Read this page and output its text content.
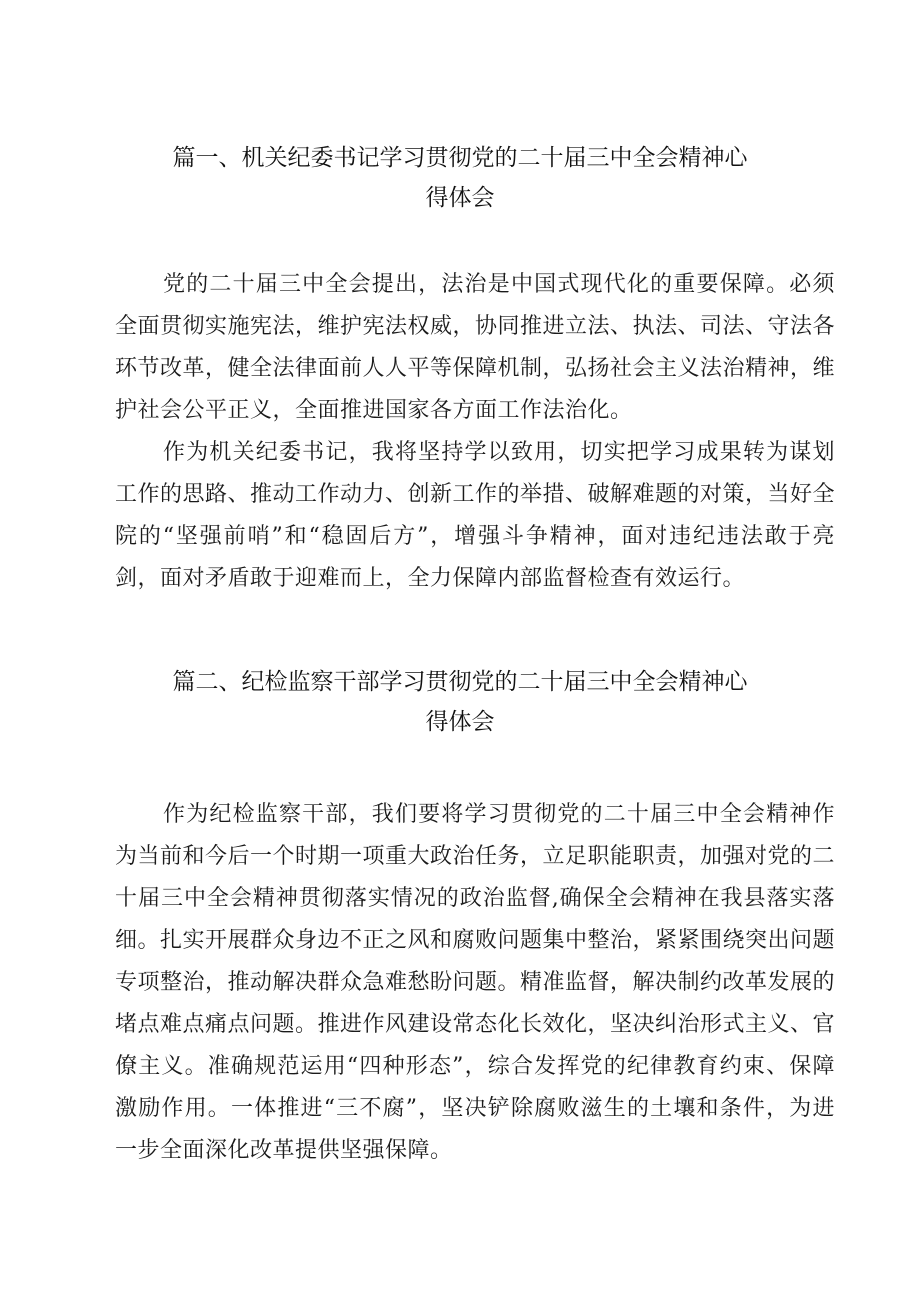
篇一、机关纪委书记学习贯彻党的二十届三中全会精神心
得体会

党的二十届三中全会提出，法治是中国式现代化的重要保障。必须全面贯彻实施宪法，维护宪法权威，协同推进立法、执法、司法、守法各环节改革，健全法律面前人人平等保障机制，弘扬社会主义法治精神，维护社会公平正义，全面推进国家各方面工作法治化。

作为机关纪委书记，我将坚持学以致用，切实把学习成果转为谋划工作的思路、推动工作动力、创新工作的举措、破解难题的对策，当好全院的“坚强前哨”和“稳固后方”，增强斗争精神，面对违纪违法敢于亮剑，面对矛盾敢于迎难而上，全力保障内部监督检查有效运行。

篇二、纪检监察干部学习贯彻党的二十届三中全会精神心
得体会

作为纪检监察干部，我们要将学习贯彻党的二十届三中全会精神作为当前和今后一个时期一项重大政治任务，立足职能职责，加强对党的二十届三中全会精神贯彻落实情况的政治监督,确保全会精神在我县落实落细。扎实开展群众身边不正之风和腐败问题集中整治，紧紧围绕突出问题专项整治，推动解决群众急难愁盼问题。精准监督，解决制约改革发展的堵点难点痛点问题。推进作风建设常态化长效化，坚决纠治形式主义、官僚主义。准确规范运用“四种形态”，综合发挥党的纪律教育约束、保障激励作用。一体推进“三不腐”，坚决铲除腐败滋生的土壤和条件，为进一步全面深化改革提供坚强保障。
